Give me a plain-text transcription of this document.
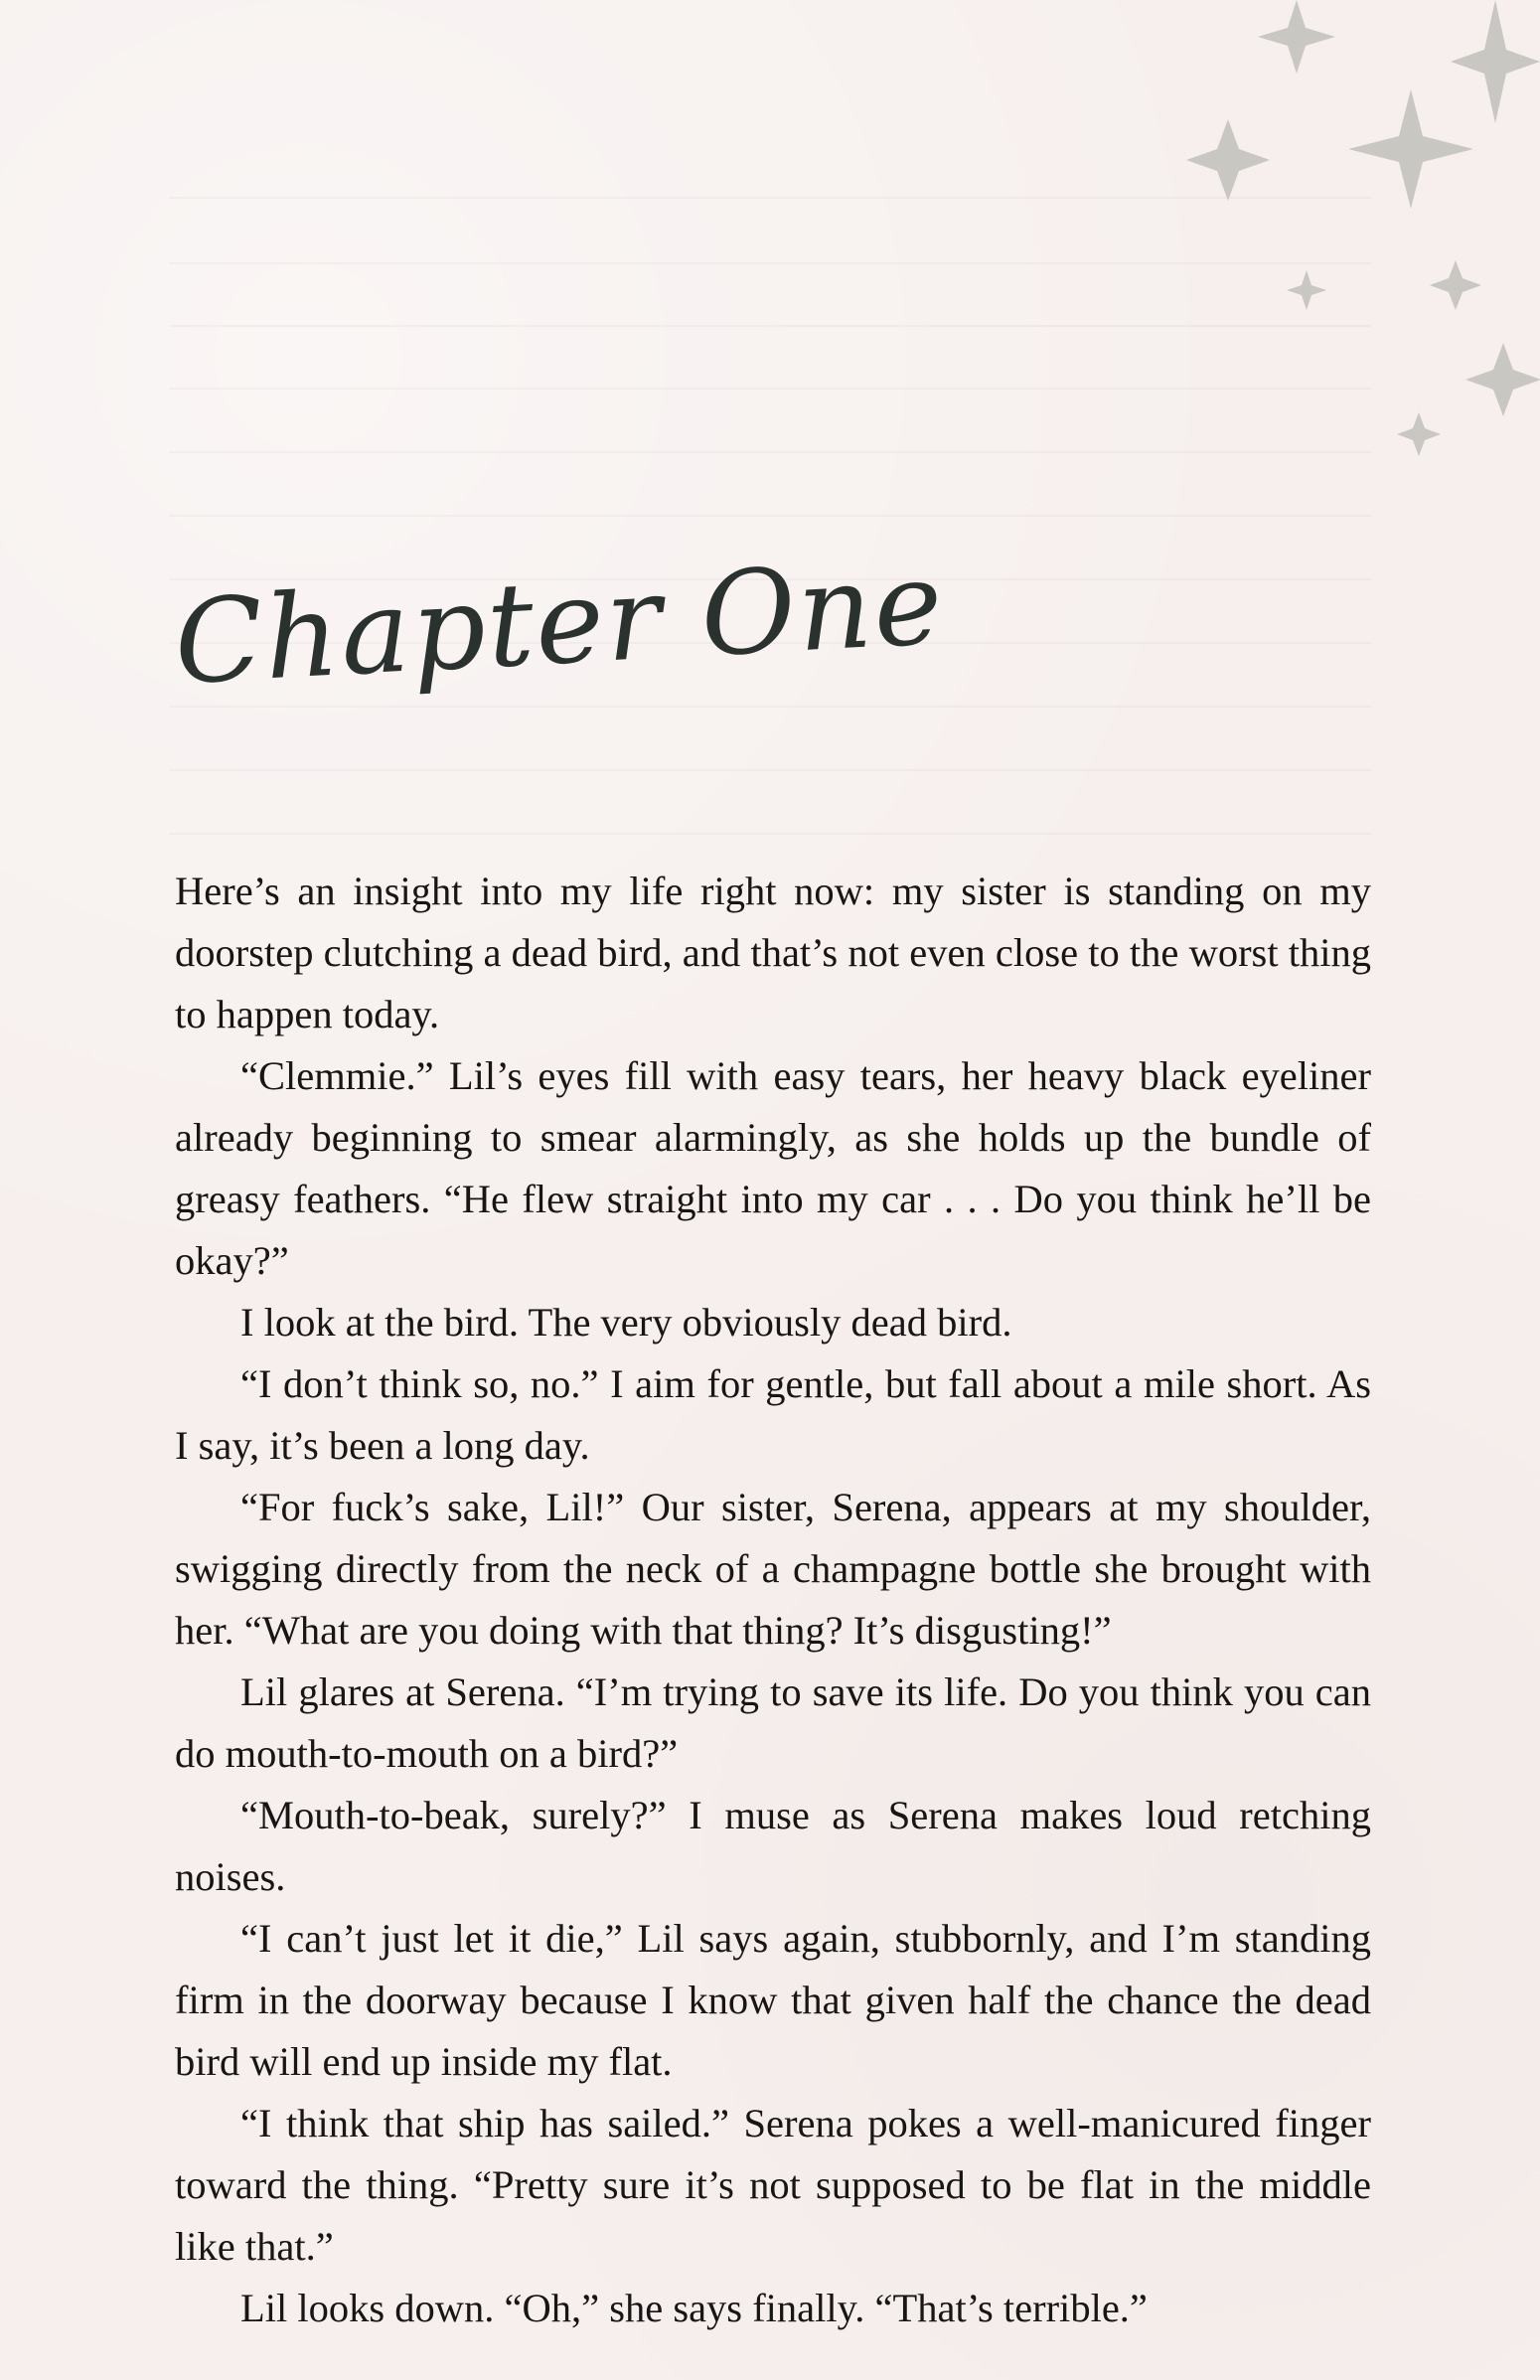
Chapter One

Here’s an insight into my life right now: my sister is standing on my doorstep clutching a dead bird, and that’s not even close to the worst thing to happen today.

“Clemmie.” Lil’s eyes fill with easy tears, her heavy black eyeliner already beginning to smear alarmingly, as she holds up the bundle of greasy feathers. “He flew straight into my car . . . Do you think he’ll be okay?”

I look at the bird. The very obviously dead bird.

“I don’t think so, no.” I aim for gentle, but fall about a mile short. As I say, it’s been a long day.

“For fuck’s sake, Lil!” Our sister, Serena, appears at my shoulder, swigging directly from the neck of a champagne bottle she brought with her. “What are you doing with that thing? It’s disgusting!”

Lil glares at Serena. “I’m trying to save its life. Do you think you can do mouth-to-mouth on a bird?”

“Mouth-to-beak, surely?” I muse as Serena makes loud retching noises.

“I can’t just let it die,” Lil says again, stubbornly, and I’m standing firm in the doorway because I know that given half the chance the dead bird will end up inside my flat.

“I think that ship has sailed.” Serena pokes a well-manicured finger toward the thing. “Pretty sure it’s not supposed to be flat in the middle like that.”

Lil looks down. “Oh,” she says finally. “That’s terrible.”
